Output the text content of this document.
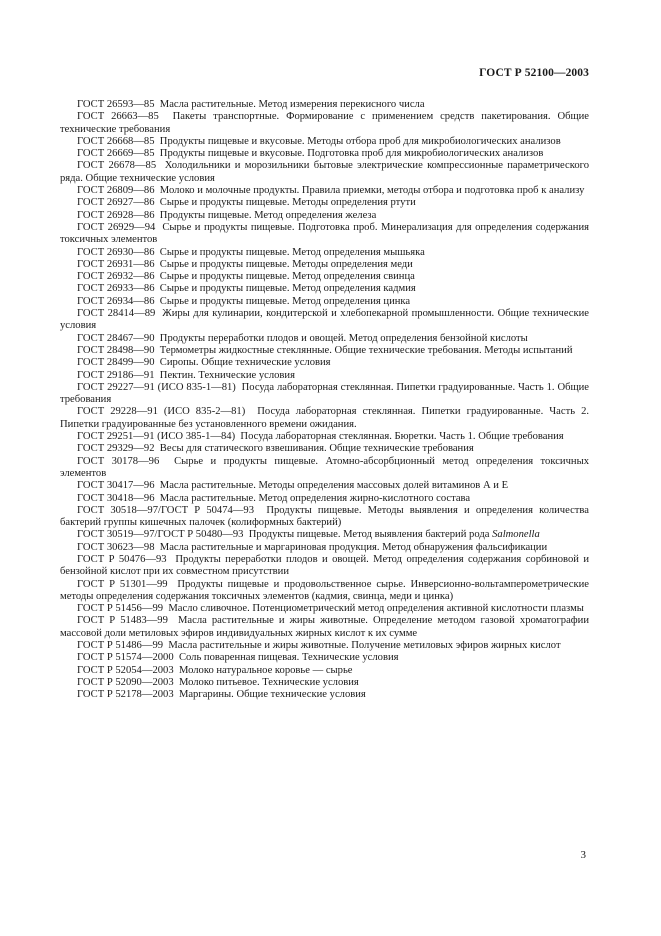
ГОСТ Р 52100—2003

ГОСТ 26593—85 Масла растительные. Метод измерения перекисного числа

ГОСТ 26663—85 Пакеты транспортные. Формирование с применением средств пакетирования. Общие технические требования

ГОСТ 26668—85 Продукты пищевые и вкусовые. Методы отбора проб для микробиологических анализов

ГОСТ 26669—85 Продукты пищевые и вкусовые. Подготовка проб для микробиологических анализов

ГОСТ 26678—85 Холодильники и морозильники бытовые электрические компрессионные параметрического ряда. Общие технические условия

ГОСТ 26809—86 Молоко и молочные продукты. Правила приемки, методы отбора и подготовка проб к анализу

ГОСТ 26927—86 Сырье и продукты пищевые. Методы определения ртути

ГОСТ 26928—86 Продукты пищевые. Метод определения железа

ГОСТ 26929—94 Сырье и продукты пищевые. Подготовка проб. Минерализация для определения содержания токсичных элементов

ГОСТ 26930—86 Сырье и продукты пищевые. Метод определения мышьяка

ГОСТ 26931—86 Сырье и продукты пищевые. Методы определения меди

ГОСТ 26932—86 Сырье и продукты пищевые. Метод определения свинца

ГОСТ 26933—86 Сырье и продукты пищевые. Метод определения кадмия

ГОСТ 26934—86 Сырье и продукты пищевые. Метод определения цинка

ГОСТ 28414—89 Жиры для кулинарии, кондитерской и хлебопекарной промышленности. Общие технические условия

ГОСТ 28467—90 Продукты переработки плодов и овощей. Метод определения бензойной кислоты

ГОСТ 28498—90 Термометры жидкостные стеклянные. Общие технические требования. Методы испытаний

ГОСТ 28499—90 Сиропы. Общие технические условия

ГОСТ 29186—91 Пектин. Технические условия

ГОСТ 29227—91 (ИСО 835-1—81) Посуда лабораторная стеклянная. Пипетки градуированные. Часть 1. Общие требования

ГОСТ 29228—91 (ИСО 835-2—81) Посуда лабораторная стеклянная. Пипетки градуированные. Часть 2. Пипетки градуированные без установленного времени ожидания.

ГОСТ 29251—91 (ИСО 385-1—84) Посуда лабораторная стеклянная. Бюретки. Часть 1. Общие требования

ГОСТ 29329—92 Весы для статического взвешивания. Общие технические требования

ГОСТ 30178—96 Сырье и продукты пищевые. Атомно-абсорбционный метод определения токсичных элементов

ГОСТ 30417—96 Масла растительные. Методы определения массовых долей витаминов А и Е

ГОСТ 30418—96 Масла растительные. Метод определения жирно-кислотного состава

ГОСТ 30518—97/ГОСТ Р 50474—93 Продукты пищевые. Методы выявления и определения количества бактерий группы кишечных палочек (колиформных бактерий)

ГОСТ 30519—97/ГОСТ Р 50480—93 Продукты пищевые. Метод выявления бактерий рода Salmonella

ГОСТ 30623—98 Масла растительные и маргариновая продукция. Метод обнаружения фальсификации

ГОСТ Р 50476—93 Продукты переработки плодов и овощей. Метод определения содержания сорбиновой и бензойной кислот при их совместном присутствии

ГОСТ Р 51301—99 Продукты пищевые и продовольственное сырье. Инверсионно-вольтамперометрические методы определения содержания токсичных элементов (кадмия, свинца, меди и цинка)

ГОСТ Р 51456—99 Масло сливочное. Потенциометрический метод определения активной кислотности плазмы

ГОСТ Р 51483—99 Масла растительные и жиры животные. Определение методом газовой хроматографии массовой доли метиловых эфиров индивидуальных жирных кислот к их сумме

ГОСТ Р 51486—99 Масла растительные и жиры животные. Получение метиловых эфиров жирных кислот

ГОСТ Р 51574—2000 Соль поваренная пищевая. Технические условия

ГОСТ Р 52054—2003 Молоко натуральное коровье — сырье

ГОСТ Р 52090—2003 Молоко питьевое. Технические условия

ГОСТ Р 52178—2003 Маргарины. Общие технические условия

3
